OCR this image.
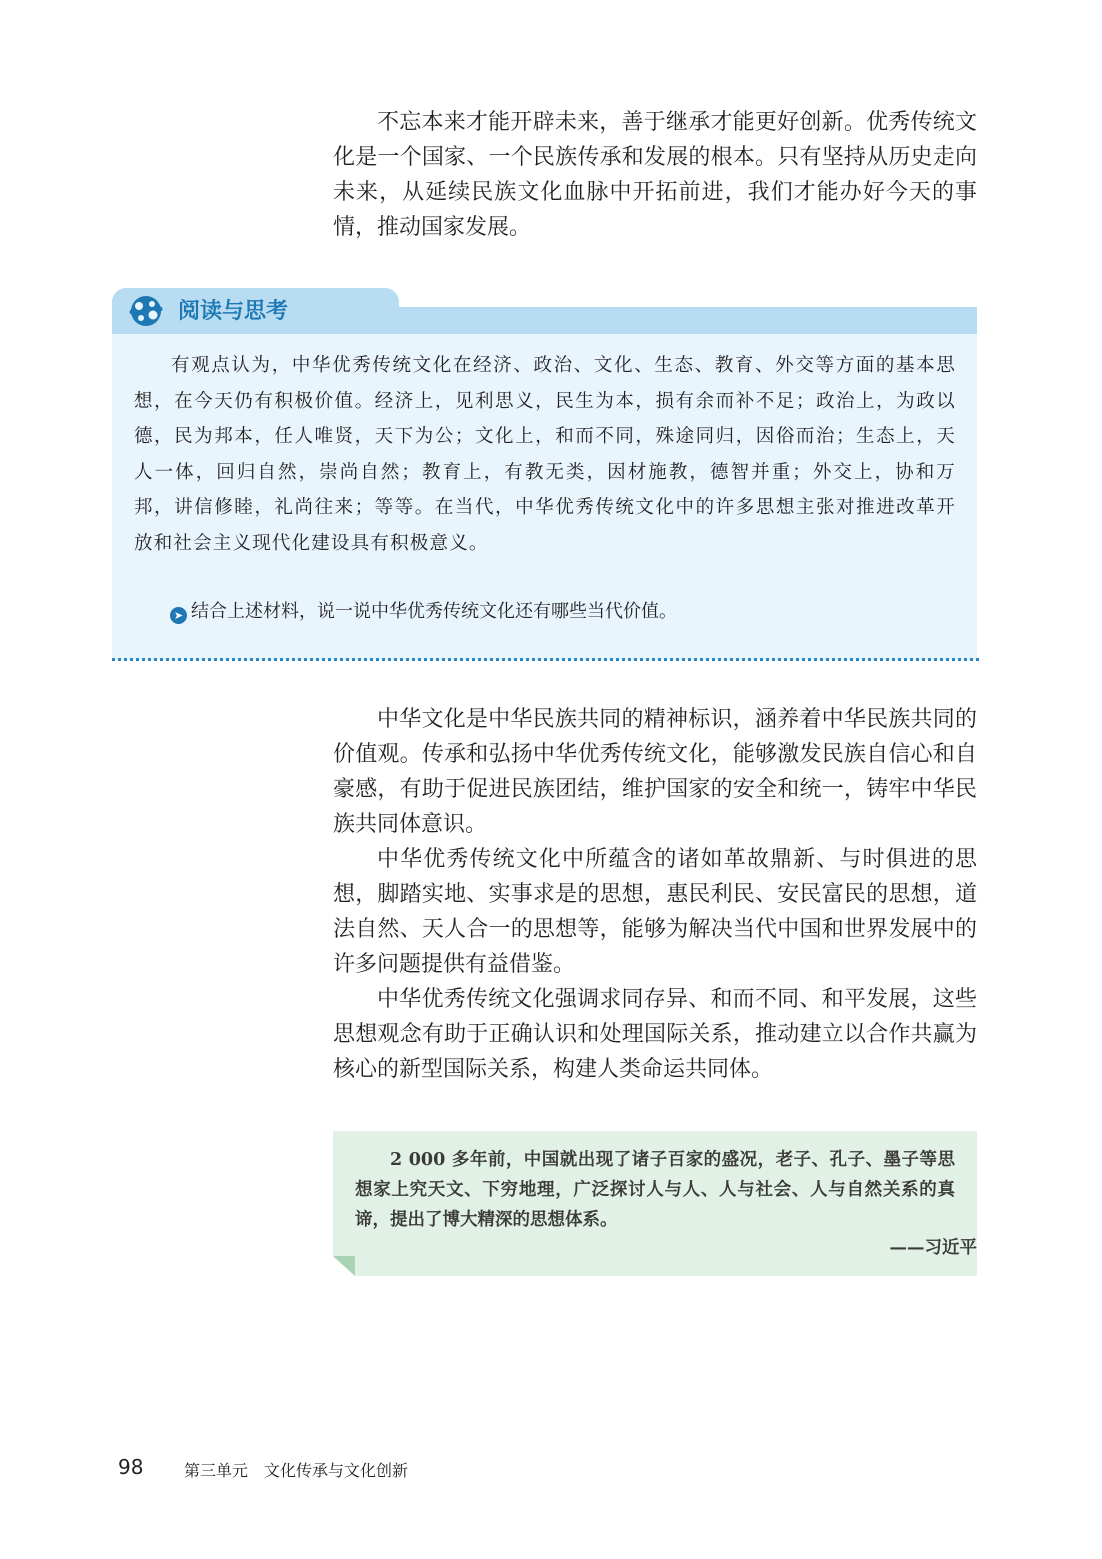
不忘本来才能开辟未来，善于继承才能更好创新。优秀传统文化是一个国家、一个民族传承和发展的根本。只有坚持从历史走向未来，从延续民族文化血脉中开拓前进，我们才能办好今天的事情，推动国家发展。

阅读与思考

有观点认为，中华优秀传统文化在经济、政治、文化、生态、教育、外交等方面的基本思想，在今天仍有积极价值。经济上，见利思义，民生为本，损有余而补不足；政治上，为政以德，民为邦本，任人唯贤，天下为公；文化上，和而不同，殊途同归，因俗而治；生态上，天人一体，回归自然，崇尚自然；教育上，有教无类，因材施教，德智并重；外交上，协和万邦，讲信修睦，礼尚往来；等等。在当代，中华优秀传统文化中的许多思想主张对推进改革开放和社会主义现代化建设具有积极意义。

➤ 结合上述材料，说一说中华优秀传统文化还有哪些当代价值。

中华文化是中华民族共同的精神标识，涵养着中华民族共同的价值观。传承和弘扬中华优秀传统文化，能够激发民族自信心和自豪感，有助于促进民族团结，维护国家的安全和统一，铸牢中华民族共同体意识。

中华优秀传统文化中所蕴含的诸如革故鼎新、与时俱进的思想，脚踏实地、实事求是的思想，惠民利民、安民富民的思想，道法自然、天人合一的思想等，能够为解决当代中国和世界发展中的许多问题提供有益借鉴。

中华优秀传统文化强调求同存异、和而不同、和平发展，这些思想观念有助于正确认识和处理国际关系，推动建立以合作共赢为核心的新型国际关系，构建人类命运共同体。

2 000 多年前，中国就出现了诸子百家的盛况，老子、孔子、墨子等思想家上究天文、下穷地理，广泛探讨人与人、人与社会、人与自然关系的真谛，提出了博大精深的思想体系。

——习近平
98	第三单元 文化传承与文化创新
